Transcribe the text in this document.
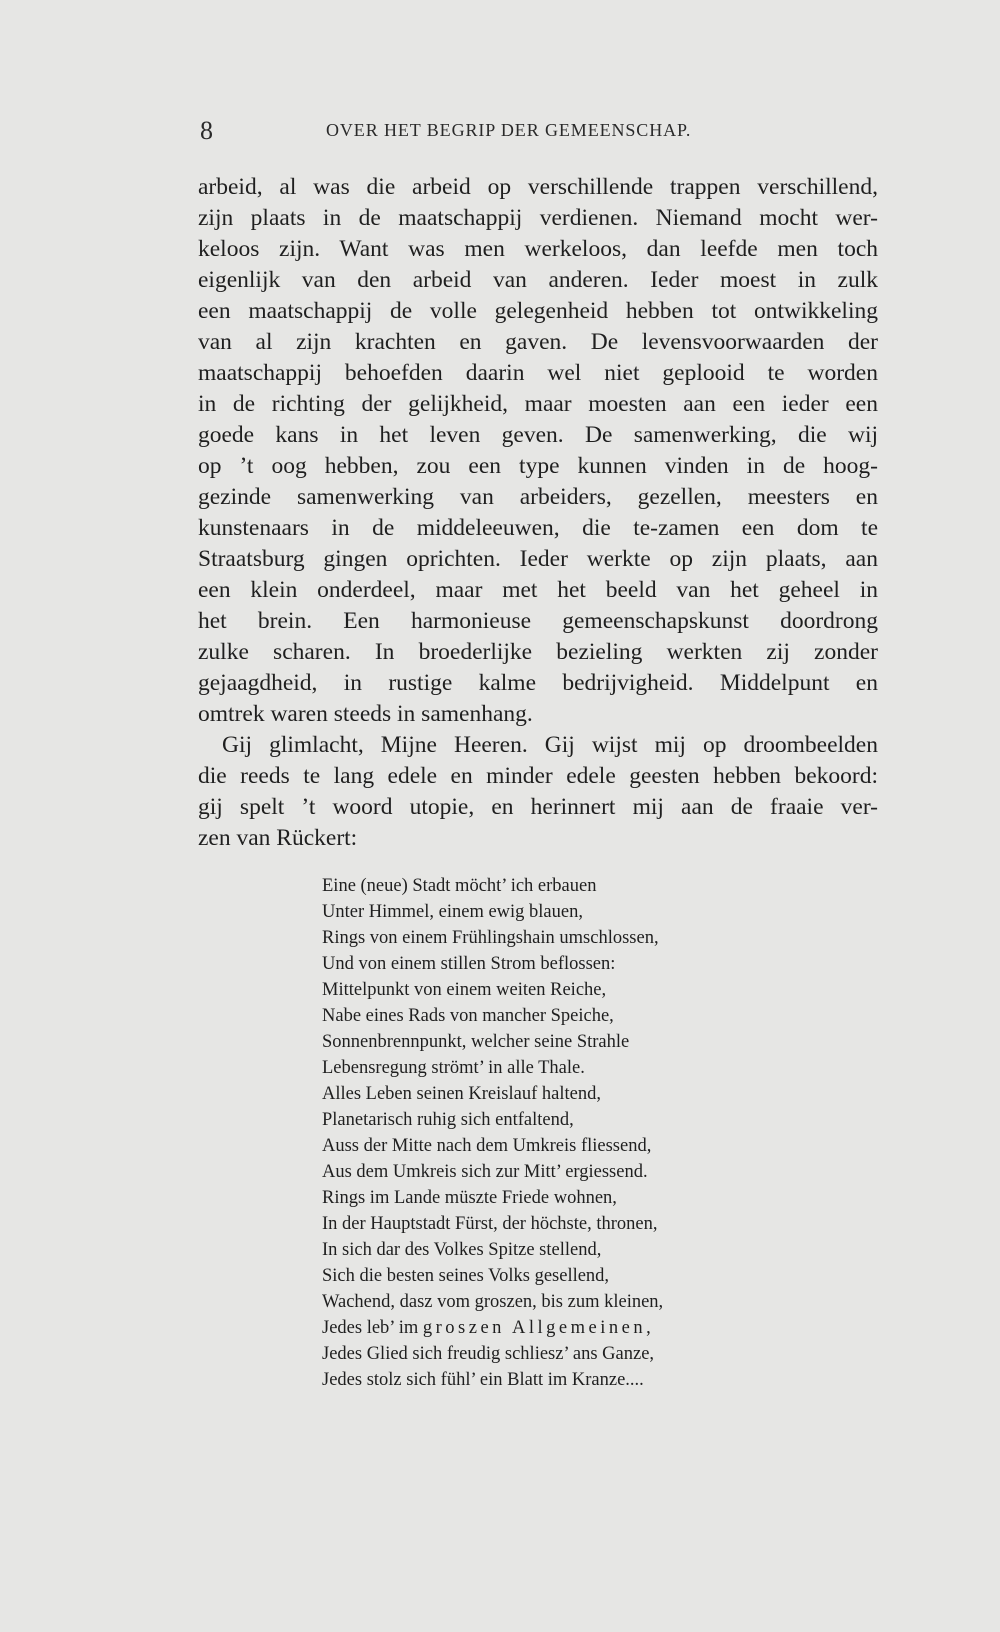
8	OVER HET BEGRIP DER GEMEENSCHAP.
arbeid, al was die arbeid op verschillende trappen verschillend,
zijn plaats in de maatschappij verdienen. Niemand mocht wer-
keloos zijn. Want was men werkeloos, dan leefde men toch
eigenlijk van den arbeid van anderen. Ieder moest in zulk
een maatschappij de volle gelegenheid hebben tot ontwikkeling
van al zijn krachten en gaven. De levensvoorwaarden der
maatschappij behoefden daarin wel niet geplooid te worden
in de richting der gelijkheid, maar moesten aan een ieder een
goede kans in het leven geven. De samenwerking, die wij
op ’t oog hebben, zou een type kunnen vinden in de hoog-
gezinde samenwerking van arbeiders, gezellen, meesters en
kunstenaars in de middeleeuwen, die te-zamen een dom te
Straatsburg gingen oprichten. Ieder werkte op zijn plaats, aan
een klein onderdeel, maar met het beeld van het geheel in
het brein. Een harmonieuse gemeenschapskunst doordrong
zulke scharen. In broederlijke bezieling werkten zij zonder
gejaagdheid, in rustige kalme bedrijvigheid. Middelpunt en
omtrek waren steeds in samenhang.
Gij glimlacht, Mijne Heeren. Gij wijst mij op droombeelden
die reeds te lang edele en minder edele geesten hebben bekoord:
gij spelt ’t woord utopie, en herinnert mij aan de fraaie ver-
zen van Rückert:
Eine (neue) Stadt möcht’ ich erbauen
Unter Himmel, einem ewig blauen,
Rings von einem Frühlingshain umschlossen,
Und von einem stillen Strom beflossen:
Mittelpunkt von einem weiten Reiche,
Nabe eines Rads von mancher Speiche,
Sonnenbrennpunkt, welcher seine Strahle
Lebensregung strömt’ in alle Thale.
Alles Leben seinen Kreislauf haltend,
Planetarisch ruhig sich entfaltend,
Auss der Mitte nach dem Umkreis fliessend,
Aus dem Umkreis sich zur Mitt’ ergiessend.
Rings im Lande müszte Friede wohnen,
In der Hauptstadt Fürst, der höchste, thronen,
In sich dar des Volkes Spitze stellend,
Sich die besten seines Volks gesellend,
Wachend, dasz vom groszen, bis zum kleinen,
Jedes leb’ im groszen Allgemeinen,
Jedes Glied sich freudig schliesz’ ans Ganze,
Jedes stolz sich fühl’ ein Blatt im Kranze....
